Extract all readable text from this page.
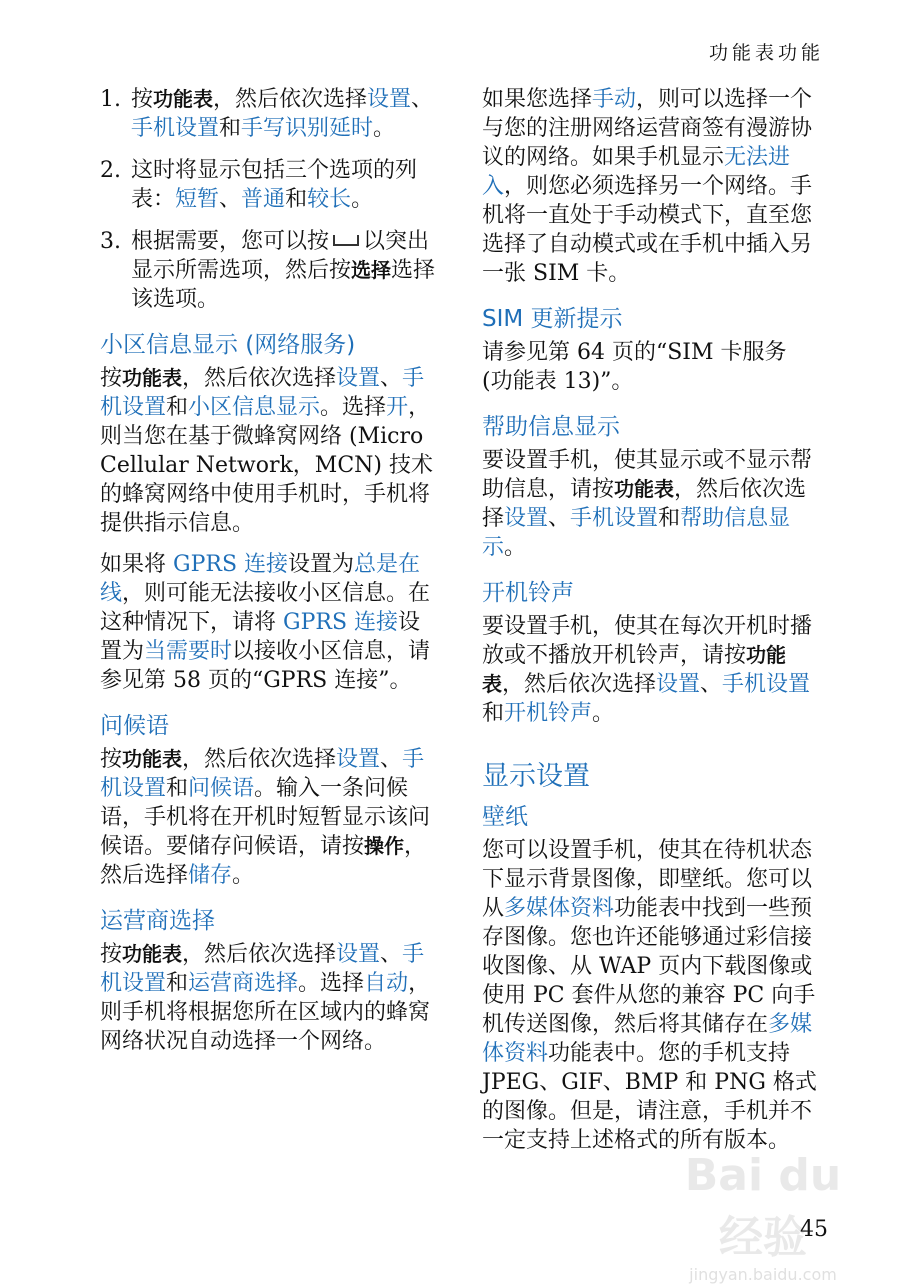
功能表功能
1. 按功能表，然后依次选择设置、手机设置和手写识别延时。
2. 这时将显示包括三个选项的列表：短暂、普通和较长。
3. 根据需要，您可以按 以突出显示所需选项，然后按选择选择该选项。
小区信息显示 (网络服务)

按功能表，然后依次选择设置、手机设置和小区信息显示。选择开，则当您在基于微蜂窝网络 (Micro Cellular Network，MCN) 技术的蜂窝网络中使用手机时，手机将提供指示信息。

如果将 GPRS 连接设置为总是在线，则可能无法接收小区信息。在这种情况下，请将 GPRS 连接设置为当需要时以接收小区信息，请参见第 58 页的“GPRS 连接”。

问候语

按功能表，然后依次选择设置、手机设置和问候语。输入一条问候语，手机将在开机时短暂显示该问候语。要储存问候语，请按操作，然后选择储存。

运营商选择

按功能表，然后依次选择设置、手机设置和运营商选择。选择自动，则手机将根据您所在区域内的蜂窝网络状况自动选择一个网络。

如果您选择手动，则可以选择一个与您的注册网络运营商签有漫游协议的网络。如果手机显示无法进入，则您必须选择另一个网络。手机将一直处于手动模式下，直至您选择了自动模式或在手机中插入另一张 SIM 卡。

SIM 更新提示

请参见第 64 页的“SIM 卡服务 (功能表 13)”。

帮助信息显示

要设置手机，使其显示或不显示帮助信息，请按功能表，然后依次选择设置、手机设置和帮助信息显示。

开机铃声

要设置手机，使其在每次开机时播放或不播放开机铃声，请按功能表，然后依次选择设置、手机设置和开机铃声。

显示设置
壁纸

您可以设置手机，使其在待机状态下显示背景图像，即壁纸。您可以从多媒体资料功能表中找到一些预存图像。您也许还能够通过彩信接收图像、从 WAP 页内下载图像或使用 PC 套件从您的兼容 PC 向手机传送图像，然后将其储存在多媒体资料功能表中。您的手机支持 JPEG、GIF、BMP 和 PNG 格式的图像。但是，请注意，手机并不一定支持上述格式的所有版本。

Bai du 经验
jingyan.baidu.com
45
